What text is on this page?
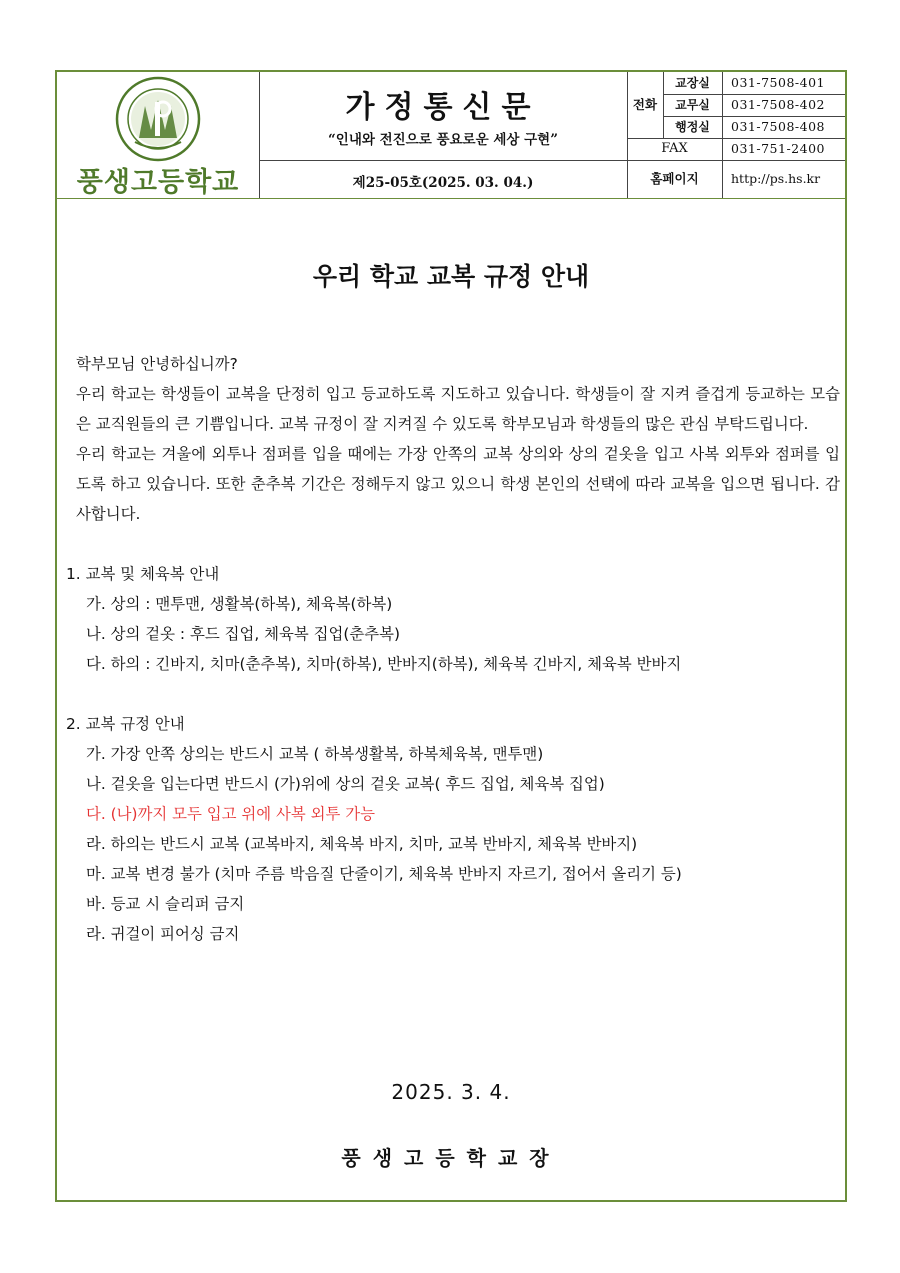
풍생고등학교
가정통신문
“인내와 전진으로 풍요로운 세상 구현”
제25-05호(2025. 03. 04.)
전화
교장실	031-7508-401
교무실	031-7508-402
행정실	031-7508-408
FAX	031-751-2400
홈페이지	http://ps.hs.kr
우리 학교 교복 규정 안내

학부모님 안녕하십니까?

우리 학교는 학생들이 교복을 단정히 입고 등교하도록 지도하고 있습니다. 학생들이 잘 지켜 즐겁게 등교하는 모습은 교직원들의 큰 기쁨입니다. 교복 규정이 잘 지켜질 수 있도록 학부모님과 학생들의 많은 관심 부탁드립니다.

우리 학교는 겨울에 외투나 점퍼를 입을 때에는 가장 안쪽의 교복 상의와 상의 겉옷을 입고 사복 외투와 점퍼를 입도록 하고 있습니다. 또한 춘추복 기간은 정해두지 않고 있으니 학생 본인의 선택에 따라 교복을 입으면 됩니다. 감사합니다.

1. 교복 및 체육복 안내

가. 상의 : 맨투맨, 생활복(하복), 체육복(하복)

나. 상의 겉옷 : 후드 집업, 체육복 집업(춘추복)

다. 하의 : 긴바지, 치마(춘추복), 치마(하복), 반바지(하복), 체육복 긴바지, 체육복 반바지

2. 교복 규정 안내

가. 가장 안쪽 상의는 반드시 교복 ( 하복생활복, 하복체육복, 맨투맨)

나. 겉옷을 입는다면 반드시 (가)위에 상의 겉옷 교복( 후드 집업, 체육복 집업)

다. (나)까지 모두 입고 위에 사복 외투 가능

라. 하의는 반드시 교복 (교복바지, 체육복 바지, 치마, 교복 반바지, 체육복 반바지)

마. 교복 변경 불가 (치마 주름 박음질 단줄이기, 체육복 반바지 자르기, 접어서 올리기 등)

바. 등교 시 슬리퍼 금지

라. 귀걸이 피어싱 금지

2025. 3. 4.
풍생고등학교장
